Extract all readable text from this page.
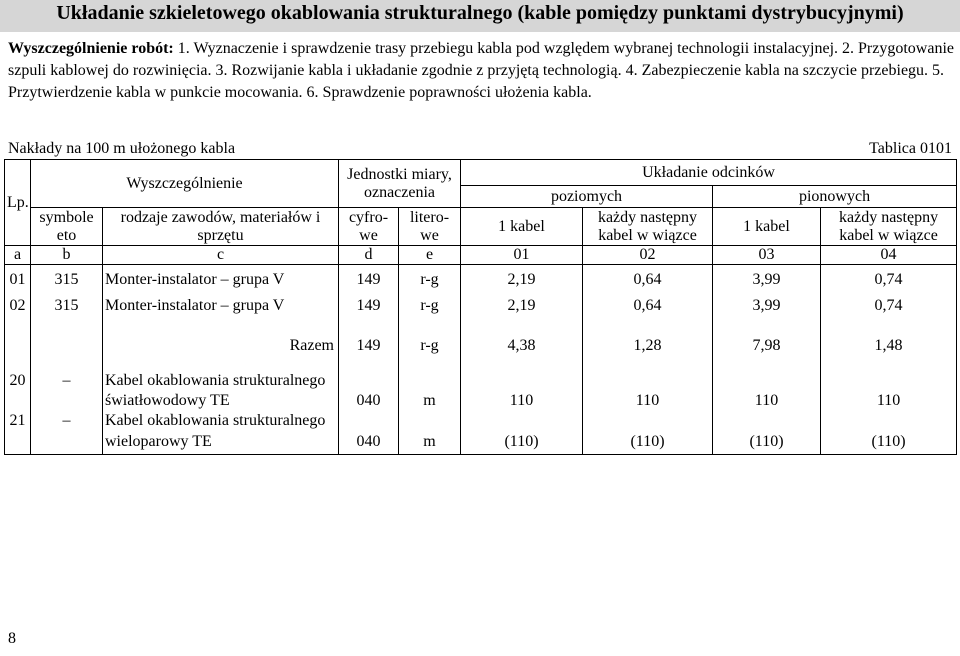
Układanie szkieletowego okablowania strukturalnego (kable pomiędzy punktami dystrybucyjnymi)
Wyszczególnienie robót: 1. Wyznaczenie i sprawdzenie trasy przebiegu kabla pod względem wybranej technologii instalacyjnej. 2. Przygotowanie szpuli kablowej do rozwinięcia. 3. Rozwijanie kabla i układanie zgodnie z przyjętą technologią. 4. Zabezpieczenie kabla na szczycie przebiegu. 5. Przytwierdzenie kabla w punkcie mocowania. 6. Sprawdzenie poprawności ułożenia kabla.
Nakłady na 100 m ułożonego kabla	Tablica 0101
Lp.	Wyszczególnienie		Jednostki miary, oznaczenia		Układanie odcinków			
					poziomych		pionowych	
	symbole eto	rodzaje zawodów, materiałów i sprzętu	cyfro- we	litero- we	1 kabel	każdy następny kabel w wiązce	1 kabel	każdy następny kabel w wiązce
a	b	c	d	e	01	02	03	04
01	315	Monter-instalator – grupa V	149	r-g	2,19	0,64	3,99	0,74
02	315	Monter-instalator – grupa V	149	r-g	2,19	0,64	3,99	0,74

		Razem	149	r-g	4,38	1,28	7,98	1,48

20	–	Kabel okablowania strukturalnego						
		światłowodowy TE	040	m	110	110	110	110
21	–	Kabel okablowania strukturalnego						
		wieloparowy TE	040	m	(110)	(110)	(110)	(110)
8
